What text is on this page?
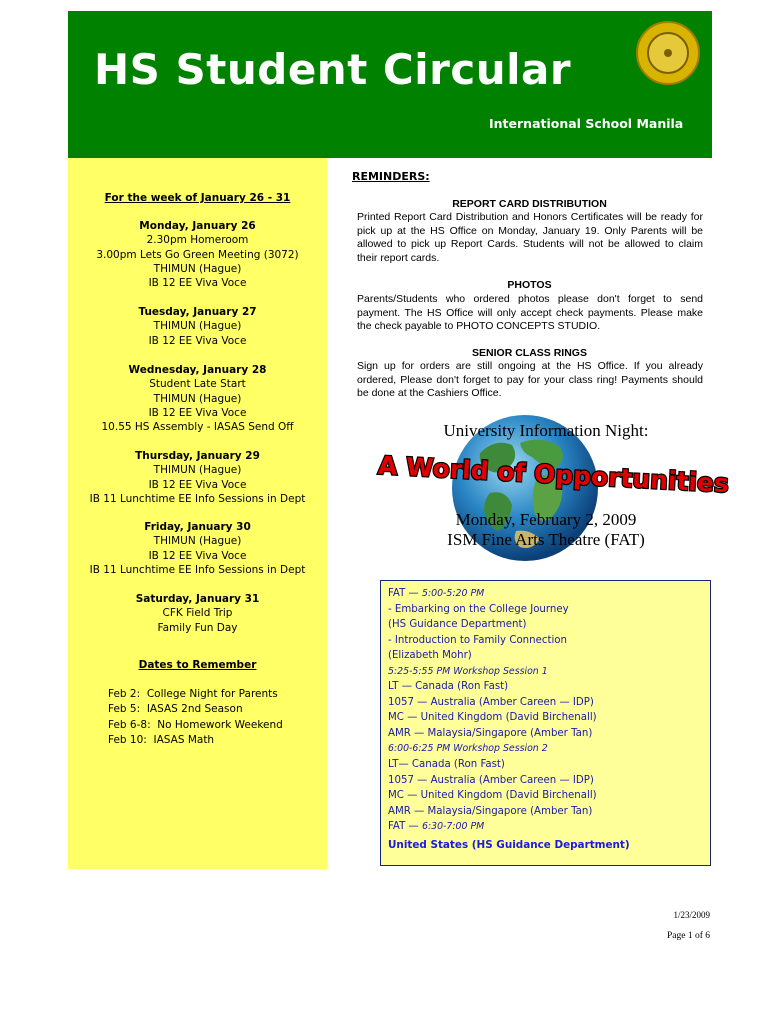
HS Student Circular
International School Manila
For the week of January 26 - 31
Monday, January 26
2.30pm Homeroom
3.00pm Lets Go Green Meeting (3072)
THIMUN (Hague)
IB 12 EE Viva Voce
Tuesday, January 27
THIMUN (Hague)
IB 12 EE Viva Voce
Wednesday, January 28
Student Late Start
THIMUN (Hague)
IB 12 EE Viva Voce
10.55 HS Assembly - IASAS Send Off
Thursday, January 29
THIMUN (Hague)
IB 12 EE Viva Voce
IB 11 Lunchtime EE Info Sessions in Dept
Friday, January 30
THIMUN (Hague)
IB 12 EE Viva Voce
IB 11 Lunchtime EE Info Sessions in Dept
Saturday, January 31
CFK Field Trip
Family Fun Day
Dates to Remember
Feb 2:  College Night for Parents
Feb 5:  IASAS 2nd Season
Feb 6-8:  No Homework Weekend
Feb 10:  IASAS Math
REMINDERS:
REPORT CARD DISTRIBUTION
Printed Report Card Distribution and Honors Certificates will be ready for pick up at the HS Office on Monday, January 19. Only Parents will be allowed to pick up Report Cards. Students will not be allowed to claim their report cards.
PHOTOS
Parents/Students who ordered photos please don't forget to send payment. The HS Office will only accept check payments. Please make the check payable to PHOTO CONCEPTS STUDIO.
SENIOR CLASS RINGS
Sign up for orders are still ongoing at the HS Office. If you already ordered, Please don't forget to pay for your class ring! Payments should be done at the Cashiers Office.
University Information Night:
A World of Opportunities
Monday, February 2, 2009
ISM Fine Arts Theatre (FAT)
FAT — 5:00-5:20 PM
- Embarking on the College Journey
(HS Guidance Department)
- Introduction to Family Connection
(Elizabeth Mohr)
5:25-5:55 PM Workshop Session 1
LT — Canada (Ron Fast)
1057 — Australia (Amber Careen — IDP)
MC — United Kingdom (David Birchenall)
AMR — Malaysia/Singapore (Amber Tan)
6:00-6:25 PM Workshop Session 2
LT— Canada (Ron Fast)
1057 — Australia (Amber Careen — IDP)
MC — United Kingdom (David Birchenall)
AMR — Malaysia/Singapore (Amber Tan)
FAT — 6:30-7:00 PM
United States (HS Guidance Department)
1/23/2009
Page 1 of 6
